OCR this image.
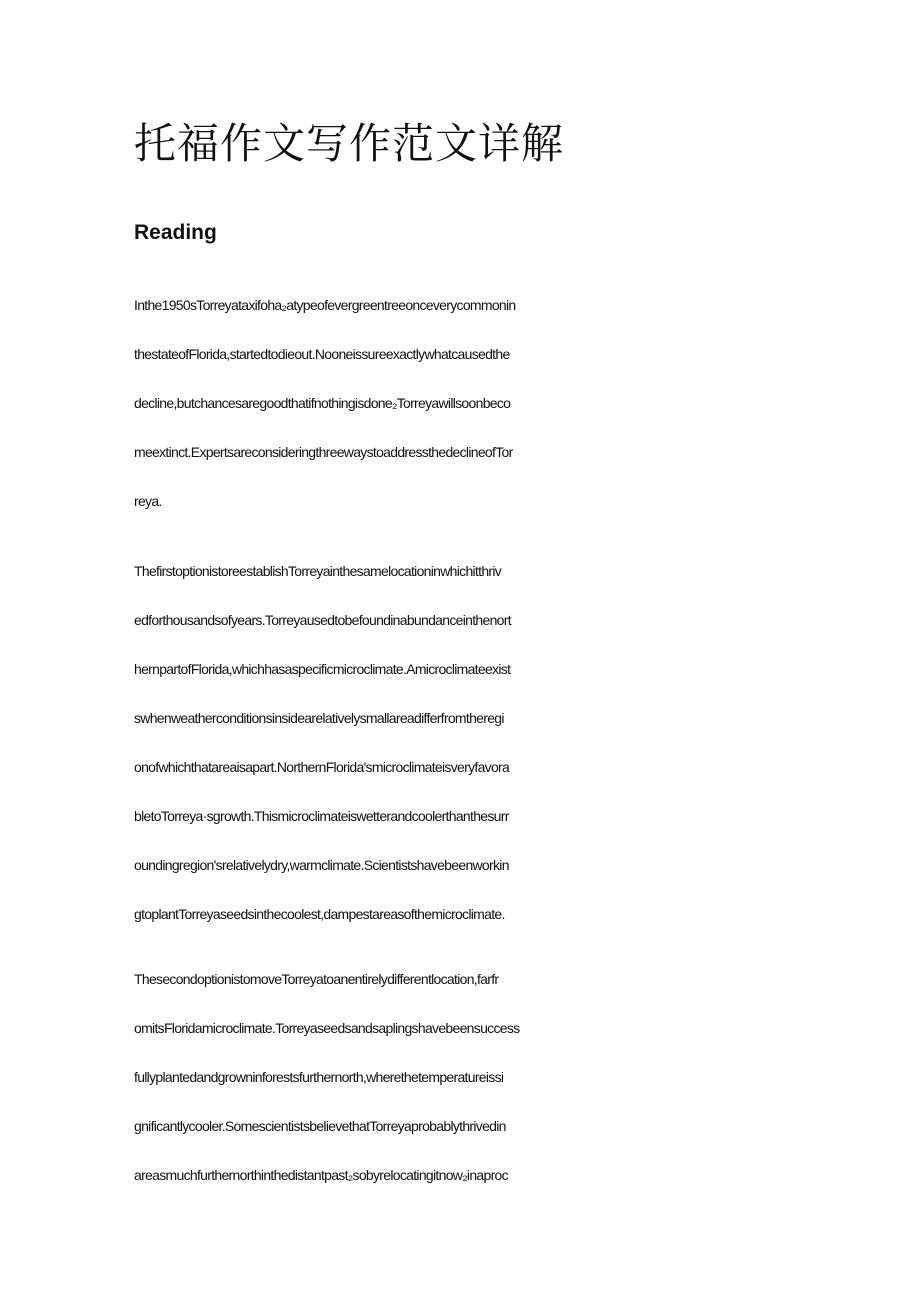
托福作文写作范文详解
Reading
Inthe1950sTorreyataxifoha₂atypeofevergreentreeonceverycommonin
thestateofFlorida,startedtodieout.Nooneissureexactlywhatcausedthe
decline,butchancesaregoodthatifnothingisdone₂Torreyawillsoonbeco
meextinct.ExpertsareconsideringthreewaystoaddressthedeclineofTor
reya.
ThefirstoptionistoreestablishTorreyainthesamelocationinwhichitthriv
edforthousandsofyears.Torreyausedtobefoundinabundanceinthenort
hernpartofFlorida,whichhasaspecificmicroclimate.Amicroclimateexist
swhenweatherconditionsinsidearelativelysmallareadifferfromtheregi
onofwhichthatareaisapart.NorthernFlorida'smicroclimateisveryfavora
bletoTorreya·sgrowth.Thismicroclimateiswetterandcoolerthanthesurr
oundingregion'srelativelydry,warmclimate.Scientistshavebeenworkin
gtoplantTorreyaseedsinthecoolest,dampestareasofthemicroclimate.
ThesecondoptionistomoveTorreyatoanentirelydifferentlocation,farfr
omitsFloridamicroclimate.Torreyaseedsandsaplingshavebeensuccess
fullyplantedandgrowninforestsfurthernorth,wherethetemperatureissi
gnificantlycooler.SomescientistsbelievethatTorreyaprobablythrivedin
areasmuchfurthernorthinthedistantpast₂sobyrelocatingitnow₂inaproc
